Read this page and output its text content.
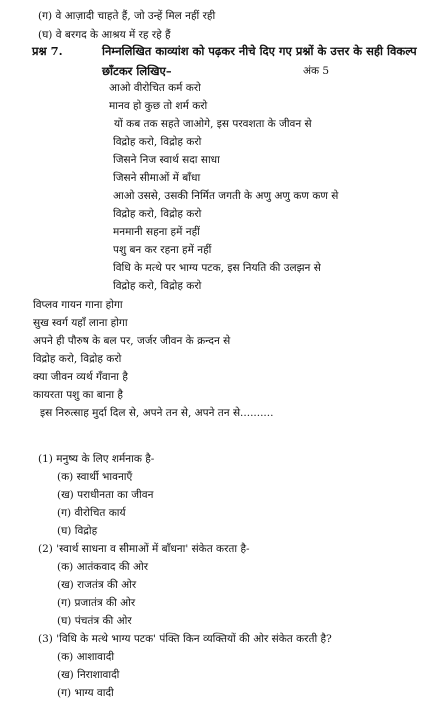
(ग) वे आज़ादी चाहते हैं, जो उन्हें मिल नहीं रही
(घ) वे बरगद के आश्रय में रह रहे हैं
प्रश्न 7.	निम्नलिखित काव्यांश को पढ़कर नीचे दिए गए प्रश्नों के उत्तर के सही विकल्प
छाँटकर लिखिए–	अंक 5
आओ वीरोचित कर्म करो
मानव हो कुछ तो शर्म करो
यों कब तक सहते जाओगे, इस परवशता के जीवन से
विद्रोह करो, विद्रोह करो
जिसने निज स्वार्थ सदा साधा
जिसने सीमाओं में बाँधा
आओ उससे, उसकी निर्मित जगती के अणु अणु कण कण से
विद्रोह करो, विद्रोह करो
मनमानी सहना हमें नहीं
पशु बन कर रहना हमें नहीं
विधि के मत्थे पर भाग्य पटक, इस नियति की उलझन से
विद्रोह करो, विद्रोह करो
विप्लव गायन गाना होगा
सुख स्वर्ग यहाँ लाना होगा
अपने ही पौरुष के बल पर, जर्जर जीवन के क्रन्दन से
विद्रोह करो, विद्रोह करो
क्या जीवन व्यर्थ गँवाना है
कायरता पशु का बाना है
इस निरुत्साह मुर्दा दिल से, अपने तन से, अपने तन से..........
(1) मनुष्य के लिए शर्मनाक है-
(क) स्वार्थी भावनाएँ
(ख) पराधीनता का जीवन
(ग) वीरोचित कार्य
(घ) विद्रोह
(2) 'स्वार्थ साधना व सीमाओं में बाँधना' संकेत करता है-
(क) आतंकवाद की ओर
(ख) राजतंत्र की ओर
(ग) प्रजातंत्र की ओर
(घ) पंचतंत्र की ओर
(3) 'विधि के मत्थे भाग्य पटक' पंक्ति किन व्यक्तियों की ओर संकेत करती है?
(क) आशावादी
(ख) निराशावादी
(ग) भाग्य वादी
